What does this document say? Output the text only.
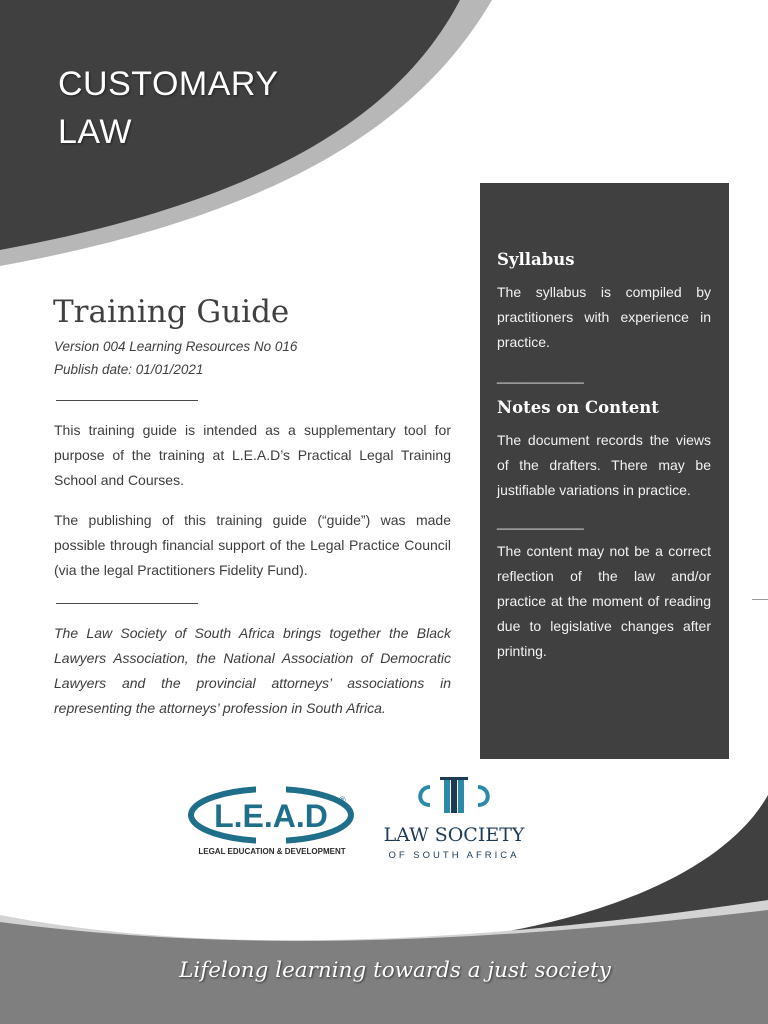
CUSTOMARY
LAW
Training Guide
Version 004 Learning Resources No 016
Publish date: 01/01/2021
This training guide is intended as a supplementary tool for purpose of the training at L.E.A.D’s Practical Legal Training School and Courses.
The publishing of this training guide (“guide”) was made possible through financial support of the Legal Practice Council (via the legal Practitioners Fidelity Fund).
The Law Society of South Africa brings together the Black Lawyers Association, the National Association of Democratic Lawyers and the provincial attorneys’ associations in representing the attorneys’ profession in South Africa.
Syllabus

The syllabus is compiled by practitioners with experience in practice.

____________
Notes on Content

The document records the views of the drafters. There may be justifiable variations in practice.

____________

The content may not be a correct reflection of the law and/or practice at the moment of reading due to legislative changes after printing.

L.E.A.D ®
LEGAL EDUCATION & DEVELOPMENT
LAW SOCIETY
OF SOUTH AFRICA
Lifelong learning towards a just society
